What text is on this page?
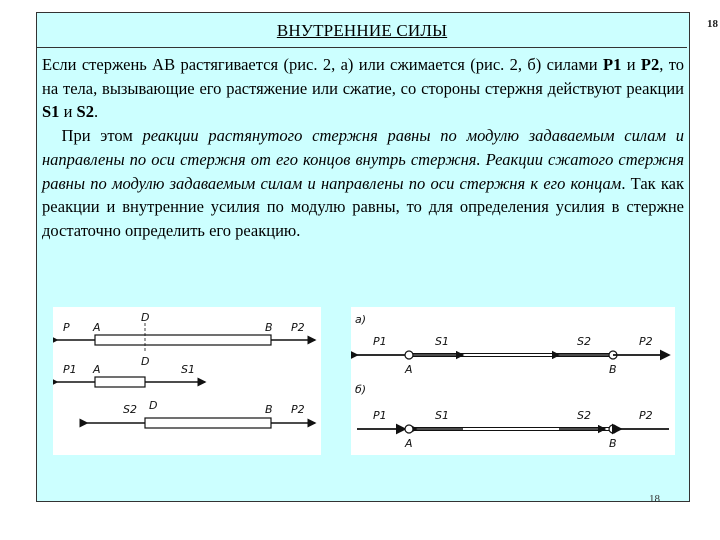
18
ВНУТРЕННИЕ СИЛЫ
Если стержень АВ растягивается (рис. 2, а) или сжимается (рис. 2, б) силами Р1 и Р2, то на тела, вызывающие его растяжение или сжатие, со стороны стержня действуют реакции S1 и S2.
При этом реакции растянутого стержня равны по модулю задаваемым силам и направлены по оси стержня от его концов внутрь стержня. Реакции сжатого стержня равны по модулю задаваемым силам и направлены по оси стержня к его концам. Так как реакции и внутренние усилия по модулю равны, то для определения усилия в стержне достаточно определить его реакцию.
P A
D
B P2
P1 A
D
S1
S2 D	B P2
а)
P1	S1	S2	P2
A	B
б)
P1	S1	S2	P2
A	B
18
